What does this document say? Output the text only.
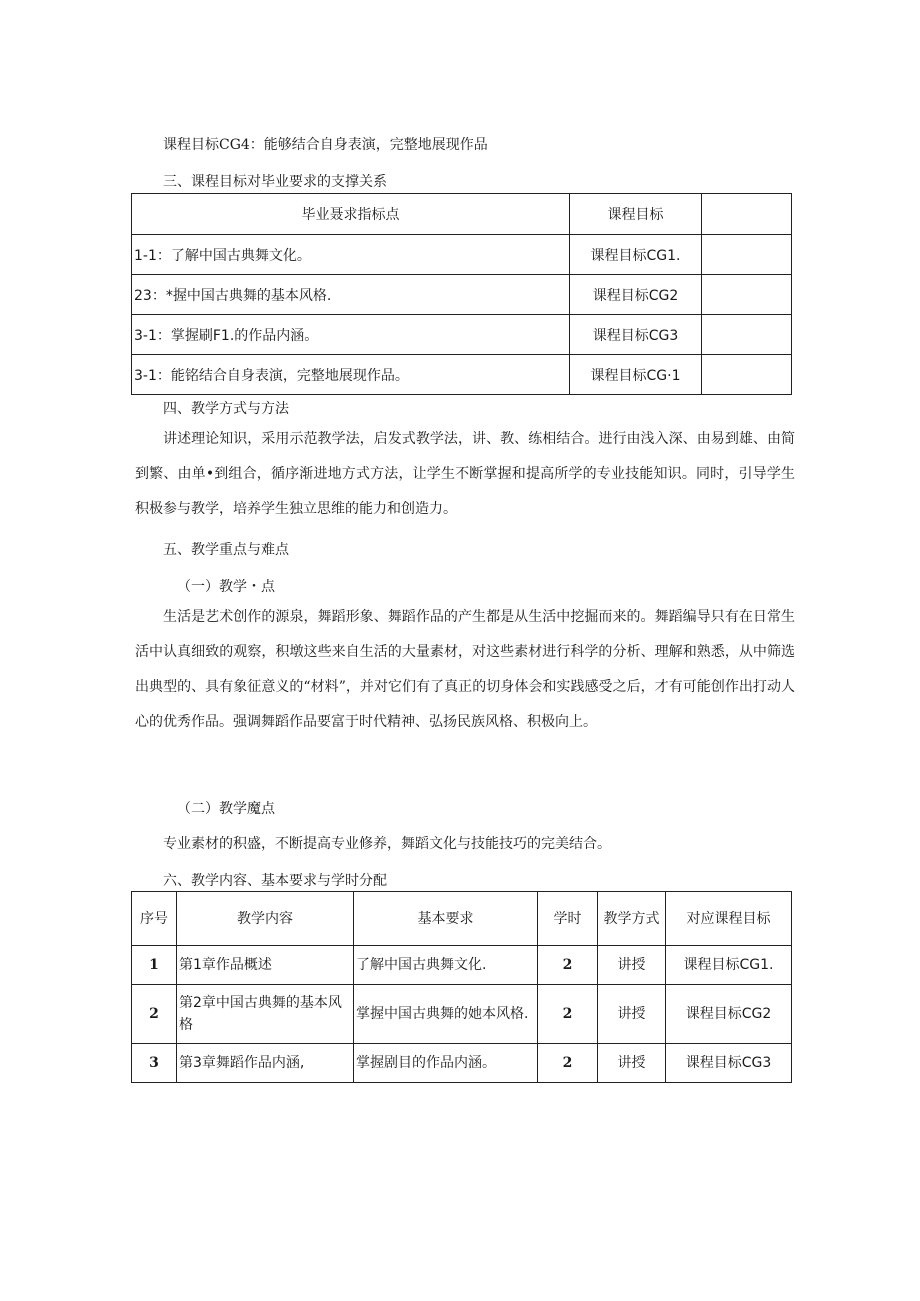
课程目标CG4：能够结合自身表演，完整地展现作品
三、课程目标对毕业要求的支撑关系
毕业聂求指标点	课程目标	
1-1：了解中国古典舞文化。	课程目标CG1.	
23：*握中国古典舞的基本风格.	课程目标CG2	
3-1：掌握刷F1.的作品内涵。	课程目标CG3	
3-1：能铭结合自身表演，完整地展现作品。	课程目标CG·1	
四、教学方式与方法
讲述理论知识，采用示范教学法，启发式教学法，讲、教、练相结合。进行由浅入深、由易到雄、由简到繁、由单•到组合，循序渐进地方式方法，让学生不断掌握和提高所学的专业技能知识。同时，引导学生积极参与教学，培养学生独立思维的能力和创造力。
五、教学重点与难点
（一）教学・点
生活是艺术创作的源泉，舞蹈形象、舞蹈作品的产生都是从生活中挖掘而来的。舞蹈编导只有在日常生活中认真细致的观察，积墩这些来自生活的大量素材，对这些素材进行科学的分析、理解和熟悉，从中筛选出典型的、具有象征意义的“材料”，并对它们有了真正的切身体会和实践感受之后，才有可能创作出打动人心的优秀作品。强调舞蹈作品要富于时代精神、弘扬民族风格、积极向上。
（二）教学魔点
专业素材的积盛，不断提高专业修养，舞蹈文化与技能技巧的完美结合。
六、教学内容、基本要求与学时分配
序号	教学内容	基本要求	学时	教学方式	对应课程目标
1	第1章作品概述	了解中国古典舞文化.	2	讲授	课程目标CG1.
2	第2章中国古典舞的基本风格	掌握中国古典舞的她本风格.	2	讲授	课程目标CG2
3	第3章舞蹈作品内涵,	掌握剧目的作品内涵。	2	讲授	课程目标CG3
